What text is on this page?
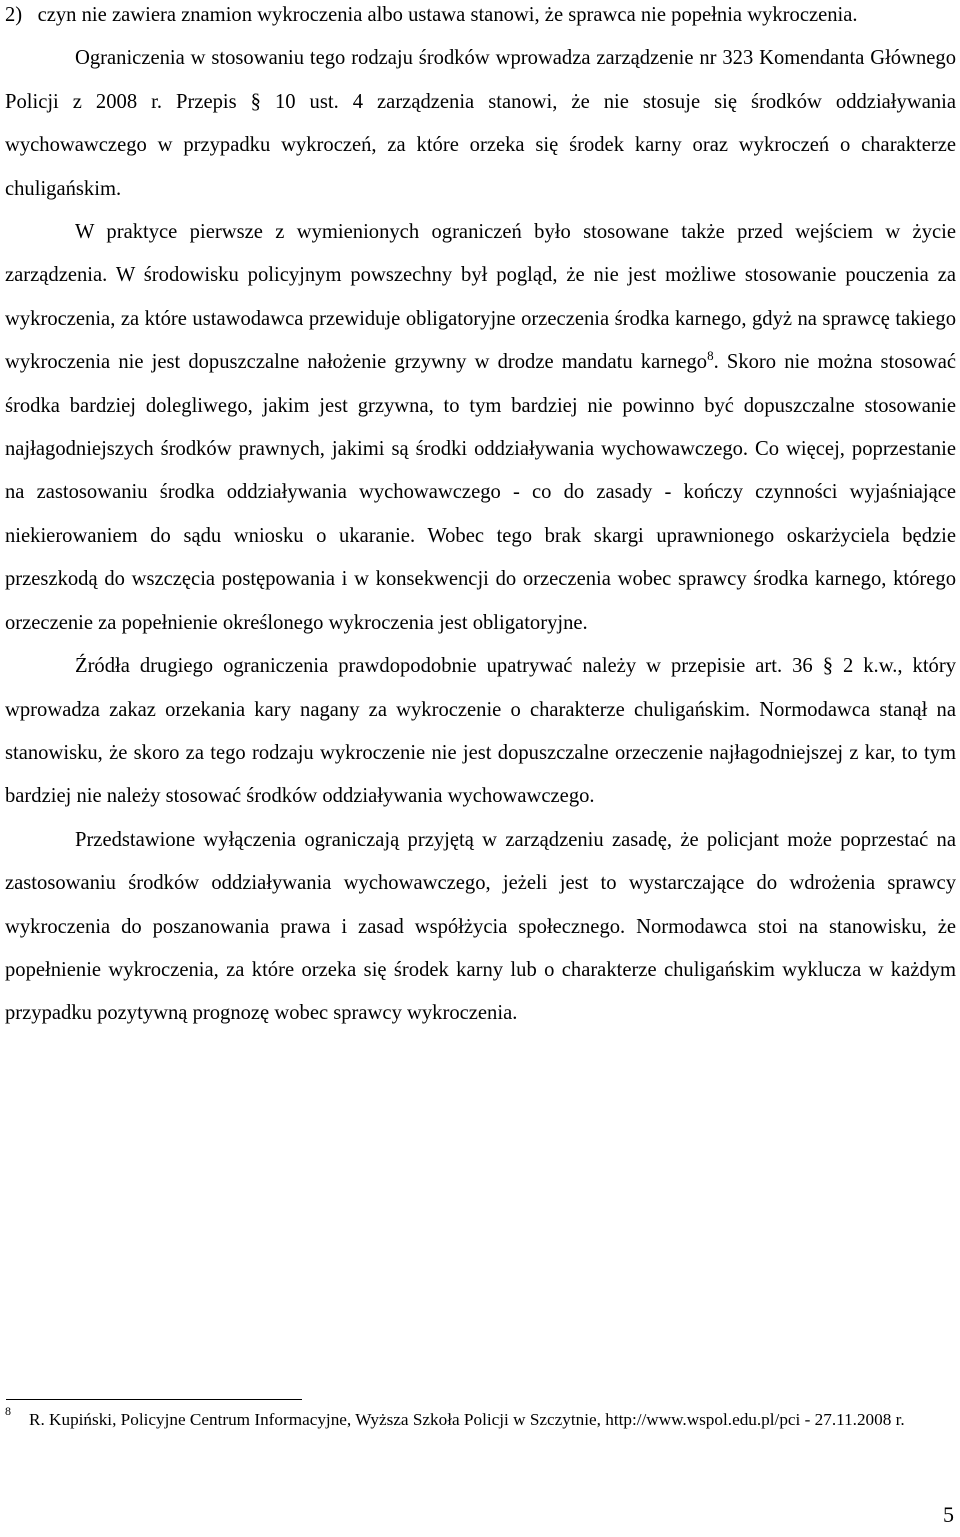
2) czyn nie zawiera znamion wykroczenia albo ustawa stanowi, że sprawca nie popełnia wykroczenia.

Ograniczenia w stosowaniu tego rodzaju środków wprowadza zarządzenie nr 323 Komendanta Głównego Policji z 2008 r. Przepis § 10 ust. 4 zarządzenia stanowi, że nie stosuje się środków oddziaływania wychowawczego w przypadku wykroczeń, za które orzeka się środek karny oraz wykroczeń o charakterze chuligańskim.

W praktyce pierwsze z wymienionych ograniczeń było stosowane także przed wejściem w życie zarządzenia. W środowisku policyjnym powszechny był pogląd, że nie jest możliwe stosowanie pouczenia za wykroczenia, za które ustawodawca przewiduje obligatoryjne orzeczenia środka karnego, gdyż na sprawcę takiego wykroczenia nie jest dopuszczalne nałożenie grzywny w drodze mandatu karnego$^8$. Skoro nie można stosować środka bardziej dolegliwego, jakim jest grzywna, to tym bardziej nie powinno być dopuszczalne stosowanie najłagodniejszych środków prawnych, jakimi są środki oddziaływania wychowawczego. Co więcej, poprzestanie na zastosowaniu środka oddziaływania wychowawczego - co do zasady - kończy czynności wyjaśniające niekierowaniem do sądu wniosku o ukaranie. Wobec tego brak skargi uprawnionego oskarżyciela będzie przeszkodą do wszczęcia postępowania i w konsekwencji do orzeczenia wobec sprawcy środka karnego, którego orzeczenie za popełnienie określonego wykroczenia jest obligatoryjne.

Źródła drugiego ograniczenia prawdopodobnie upatrywać należy w przepisie art. 36 § 2 k.w., który wprowadza zakaz orzekania kary nagany za wykroczenie o charakterze chuligańskim. Normodawca stanął na stanowisku, że skoro za tego rodzaju wykroczenie nie jest dopuszczalne orzeczenie najłagodniejszej z kar, to tym bardziej nie należy stosować środków oddziaływania wychowawczego.

Przedstawione wyłączenia ograniczają przyjętą w zarządzeniu zasadę, że policjant może poprzestać na zastosowaniu środków oddziaływania wychowawczego, jeżeli jest to wystarczające do wdrożenia sprawcy wykroczenia do poszanowania prawa i zasad współżycia społecznego. Normodawca stoi na stanowisku, że popełnienie wykroczenia, za które orzeka się środek karny lub o charakterze chuligańskim wyklucza w każdym przypadku pozytywną prognozę wobec sprawcy wykroczenia.

$^8$ R. Kupiński, Policyjne Centrum Informacyjne, Wyższa Szkoła Policji w Szczytnie, http://www.wspol.edu.pl/pci - 27.11.2008 r.

5
